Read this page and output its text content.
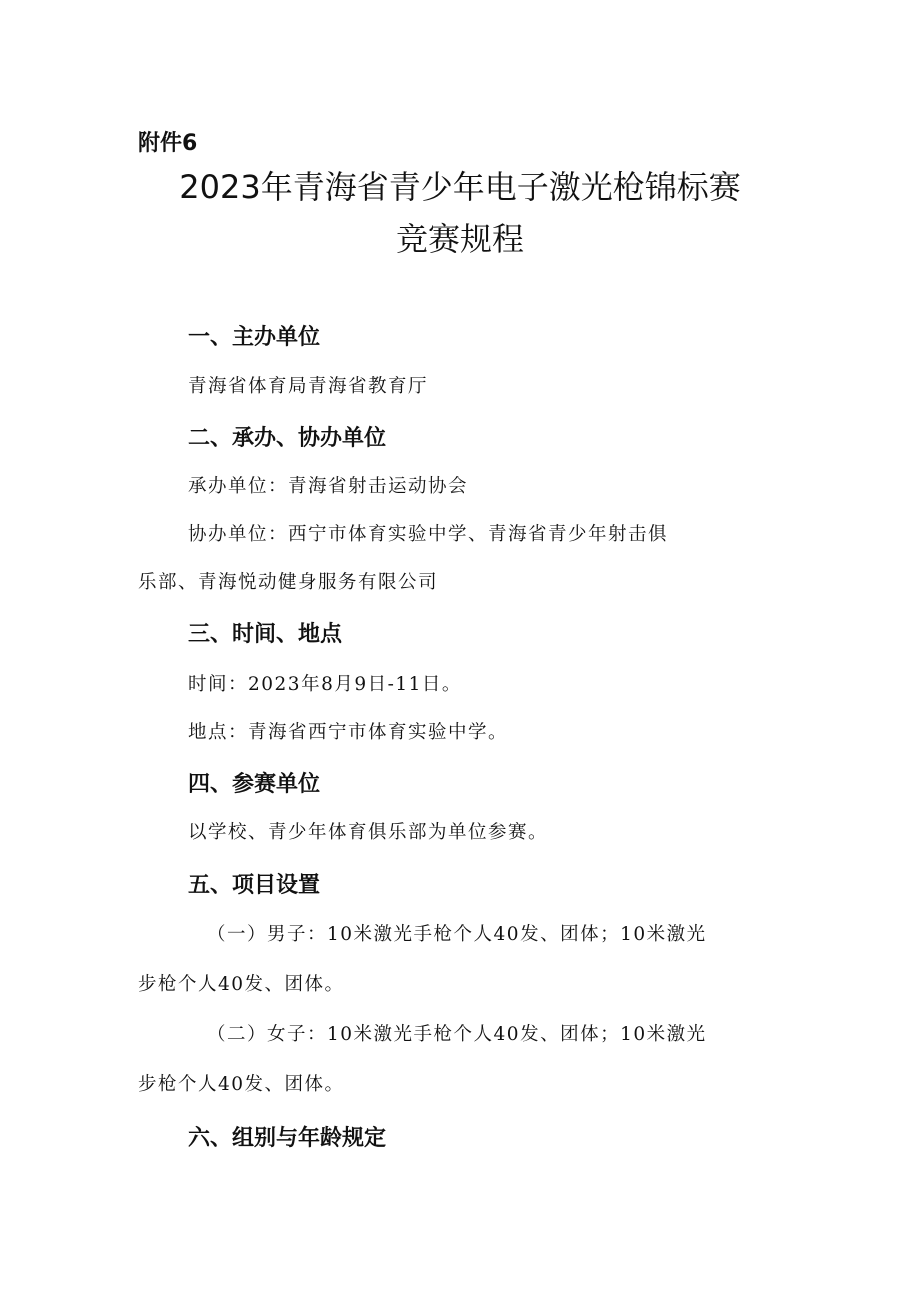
附件6
2023年青海省青少年电子激光枪锦标赛
竞赛规程
一、主办单位
青海省体育局青海省教育厅
二、承办、协办单位
承办单位：青海省射击运动协会
协办单位：西宁市体育实验中学、青海省青少年射击俱
乐部、青海悦动健身服务有限公司
三、时间、地点
时间：2023年8月9日-11日。
地点：青海省西宁市体育实验中学。
四、参赛单位
以学校、青少年体育俱乐部为单位参赛。
五、项目设置
（一）男子：10米激光手枪个人40发、团体；10米激光
步枪个人40发、团体。
（二）女子：10米激光手枪个人40发、团体；10米激光
步枪个人40发、团体。
六、组别与年龄规定
